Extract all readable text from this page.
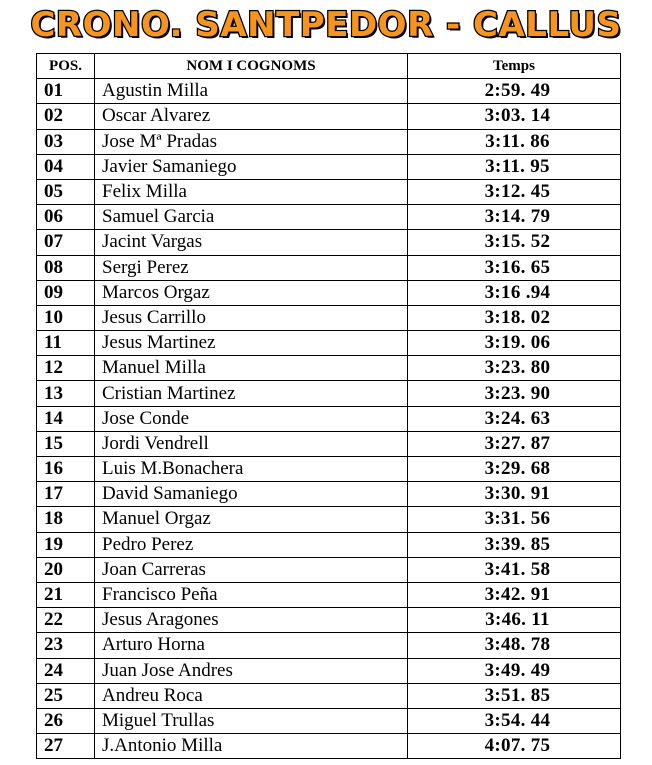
CRONO. SANTPEDOR - CALLUS
POS.	NOM I COGNOMS	Temps
01	Agustin Milla	2:59. 49
02	Oscar Alvarez	3:03. 14
03	Jose Mª Pradas	3:11. 86
04	Javier Samaniego	3:11. 95
05	Felix Milla	3:12. 45
06	Samuel Garcia	3:14. 79
07	Jacint Vargas	3:15. 52
08	Sergi Perez	3:16. 65
09	Marcos Orgaz	3:16 .94
10	Jesus Carrillo	3:18. 02
11	Jesus Martinez	3:19. 06
12	Manuel Milla	3:23. 80
13	Cristian Martinez	3:23. 90
14	Jose Conde	3:24. 63
15	Jordi Vendrell	3:27. 87
16	Luis M.Bonachera	3:29. 68
17	David Samaniego	3:30. 91
18	Manuel Orgaz	3:31. 56
19	Pedro Perez	3:39. 85
20	Joan Carreras	3:41. 58
21	Francisco Peña	3:42. 91
22	Jesus Aragones	3:46. 11
23	Arturo Horna	3:48. 78
24	Juan Jose Andres	3:49. 49
25	Andreu Roca	3:51. 85
26	Miguel Trullas	3:54. 44
27	J.Antonio Milla	4:07. 75
